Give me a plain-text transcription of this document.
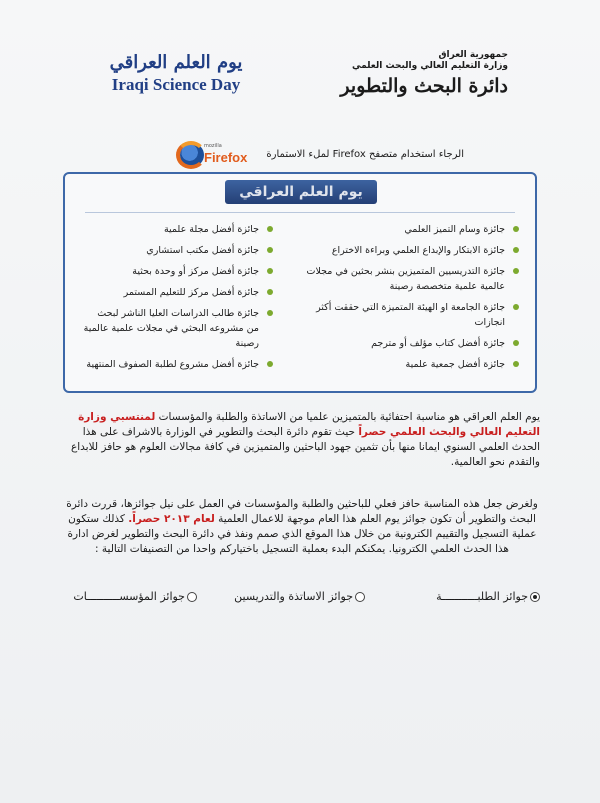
جمهورية العراق
وزارة التعليم العالي والبحث العلمي
دائرة البحث والتطوير
يوم العلم العراقي
Iraqi Science Day
الرجاء استخدام متصفح Firefox لملء الاستمارة
mozilla
Firefox
يوم العلم العراقي
جائزة وسام التميز العلمي
جائزة الابتكار والإبداع العلمي وبراءة الاختراع
جائزة التدريسيين المتميزين بنشر بحثين في مجلات عالمية علمية متخصصة رصينة
جائزة الجامعة او الهيئة المتميزة التي حققت أكثر انجازات
جائزة أفضل كتاب مؤلف أو مترجم
جائزة أفضل جمعية علمية
جائزة أفضل مجلة علمية
جائزة أفضل مكتب استشاري
جائزة أفضل مركز أو وحدة بحثية
جائزة أفضل مركز للتعليم المستمر
جائزة طالب الدراسات العليا الناشر لبحث من مشروعه البحثي في مجلات علمية عالمية رصينة
جائزة أفضل مشروع لطلبة الصفوف المنتهية
يوم العلم العراقي هو مناسبة احتفائية بالمتميزين علميا من الاساتذة والطلبة والمؤسسات لمنتسبي وزارة التعليم العالي والبحث العلمي حصراً حيث تقوم دائرة البحث والتطوير في الوزارة بالاشراف على هذا الحدث العلمي السنوي ايمانا منها بأن تثمين جهود الباحثين والمتميزين في كافة مجالات العلوم هو حافز للابداع والتقدم نحو العالمية.
ولغرض جعل هذه المناسبة حافز فعلي للباحثين والطلبة والمؤسسات في العمل على نيل جوائزها، قررت دائرة البحث والتطوير أن تكون جوائز يوم العلم هذا العام موجهة للاعمال العلمية لعام ٢٠١٣ حصراً. كذلك ستكون عملية التسجيل والتقييم الكترونية من خلال هذا الموقع الذي صمم ونفذ في دائرة البحث والتطوير لغرض ادارة هذا الحدث العلمي الكترونيا. يمكنكم البدء بعملية التسجيل باختياركم واحدا من التصنيفات التالية :
جوائز الطلبـــــــــــة
جوائز الاساتذة والتدريسين
جوائز المؤسســــــــــات
